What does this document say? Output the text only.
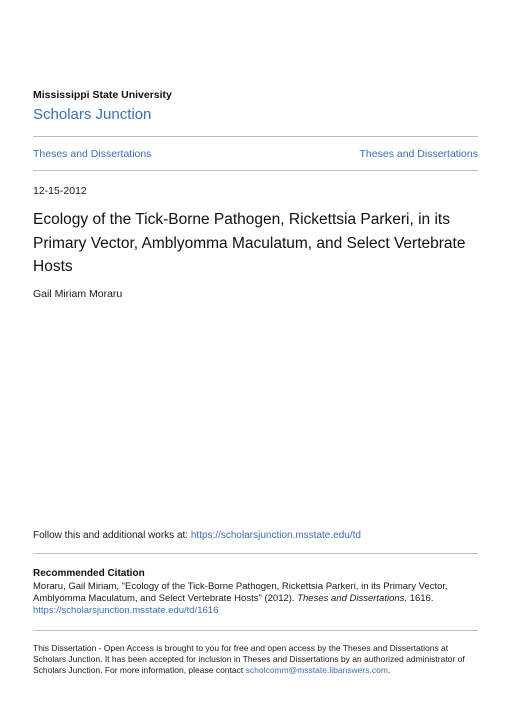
Mississippi State University
Scholars Junction
Theses and Dissertations	Theses and Dissertations
12-15-2012
Ecology of the Tick-Borne Pathogen, Rickettsia Parkeri, in its Primary Vector, Amblyomma Maculatum, and Select Vertebrate Hosts
Gail Miriam Moraru
Follow this and additional works at: https://scholarsjunction.msstate.edu/td
Recommended Citation
Moraru, Gail Miriam, "Ecology of the Tick-Borne Pathogen, Rickettsia Parkeri, in its Primary Vector, Amblyomma Maculatum, and Select Vertebrate Hosts" (2012). Theses and Dissertations. 1616.
https://scholarsjunction.msstate.edu/td/1616
This Dissertation - Open Access is brought to you for free and open access by the Theses and Dissertations at Scholars Junction. It has been accepted for inclusion in Theses and Dissertations by an authorized administrator of Scholars Junction. For more information, please contact scholcomm@msstate.libanswers.com.
